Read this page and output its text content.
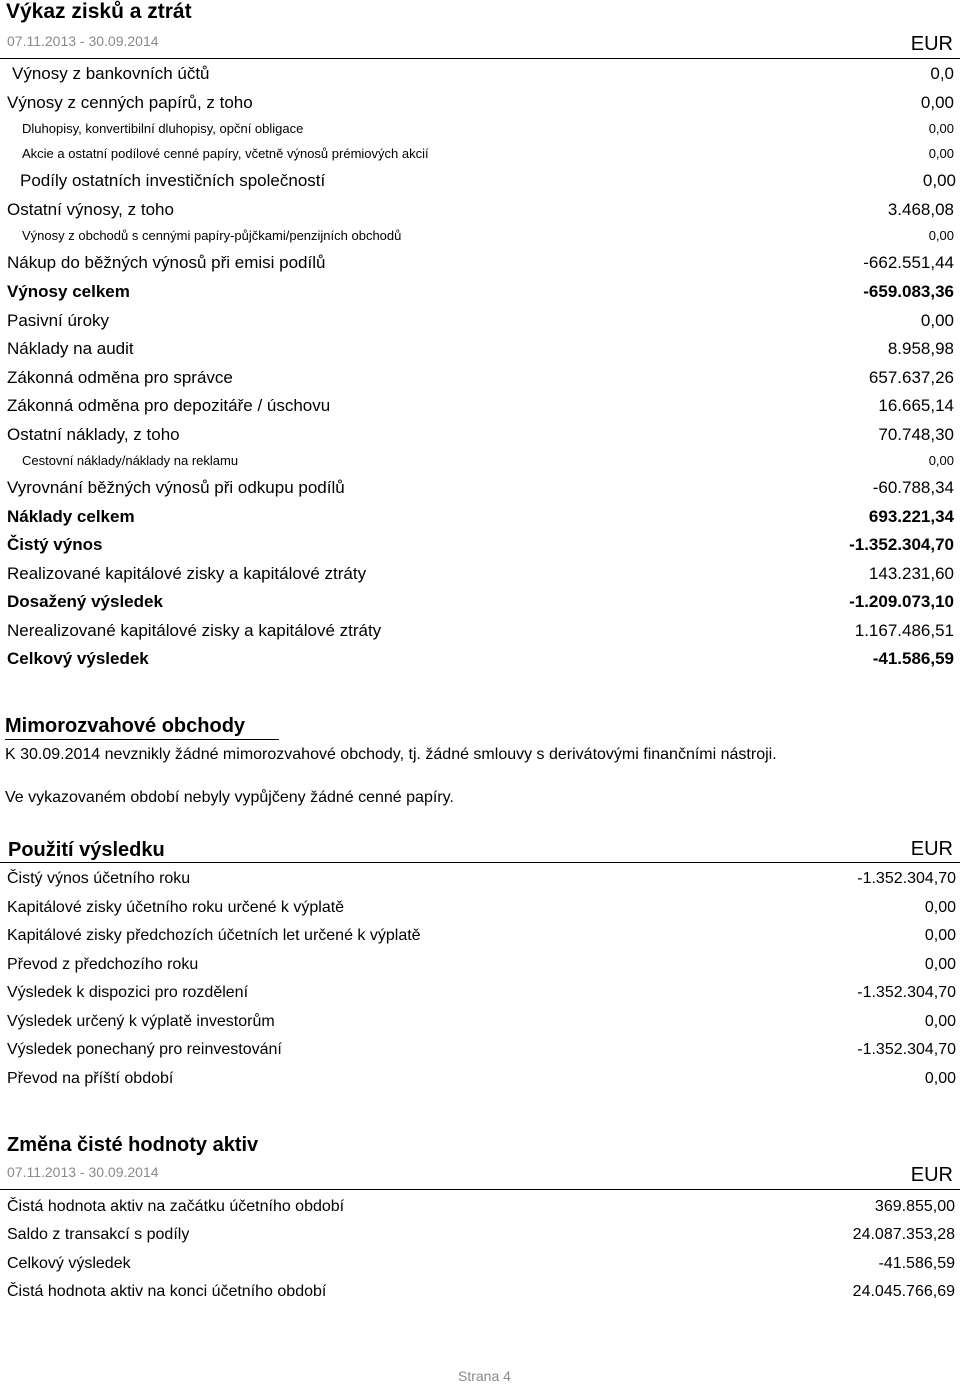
Výkaz zisků a ztrát
07.11.2013 - 30.09.2014	EUR
Výnosy z bankovních účtů	0,0
Výnosy z cenných papírů, z toho	0,00
Dluhopisy, konvertibilní dluhopisy, opční obligace	0,00
Akcie a ostatní podílové cenné papíry, včetně výnosů prémiových akcií	0,00
Podíly ostatních investičních společností	0,00
Ostatní výnosy, z toho	3.468,08
Výnosy z obchodů s cennými papíry-půjčkami/penzijních obchodů	0,00
Nákup do běžných výnosů při emisi podílů	-662.551,44
Výnosy celkem	-659.083,36
Pasivní úroky	0,00
Náklady na audit	8.958,98
Zákonná odměna pro správce	657.637,26
Zákonná odměna pro depozitáře / úschovu	16.665,14
Ostatní náklady, z toho	70.748,30
Cestovní náklady/náklady na reklamu	0,00
Vyrovnání běžných výnosů při odkupu podílů	-60.788,34
Náklady celkem	693.221,34
Čistý výnos	-1.352.304,70
Realizované kapitálové zisky a kapitálové ztráty	143.231,60
Dosažený výsledek	-1.209.073,10
Nerealizované kapitálové zisky a kapitálové ztráty	1.167.486,51
Celkový výsledek	-41.586,59
Mimorozvahové obchody
K 30.09.2014 nevznikly žádné mimorozvahové obchody, tj. žádné smlouvy s derivátovými finančními nástroji.
Ve vykazovaném období nebyly vypůjčeny žádné cenné papíry.
Použití výsledku	EUR
Čistý výnos účetního roku	-1.352.304,70
Kapitálové zisky účetního roku určené k výplatě	0,00
Kapitálové zisky předchozích účetních let určené k výplatě	0,00
Převod z předchozího roku	0,00
Výsledek k dispozici pro rozdělení	-1.352.304,70
Výsledek určený k výplatě investorům	0,00
Výsledek ponechaný pro reinvestování	-1.352.304,70
Převod na příští období	0,00
Změna čisté hodnoty aktiv
07.11.2013 - 30.09.2014	EUR
Čistá hodnota aktiv na začátku účetního období	369.855,00
Saldo z transakcí s podíly	24.087.353,28
Celkový výsledek	-41.586,59
Čistá hodnota aktiv na konci účetního období	24.045.766,69
Strana 4
